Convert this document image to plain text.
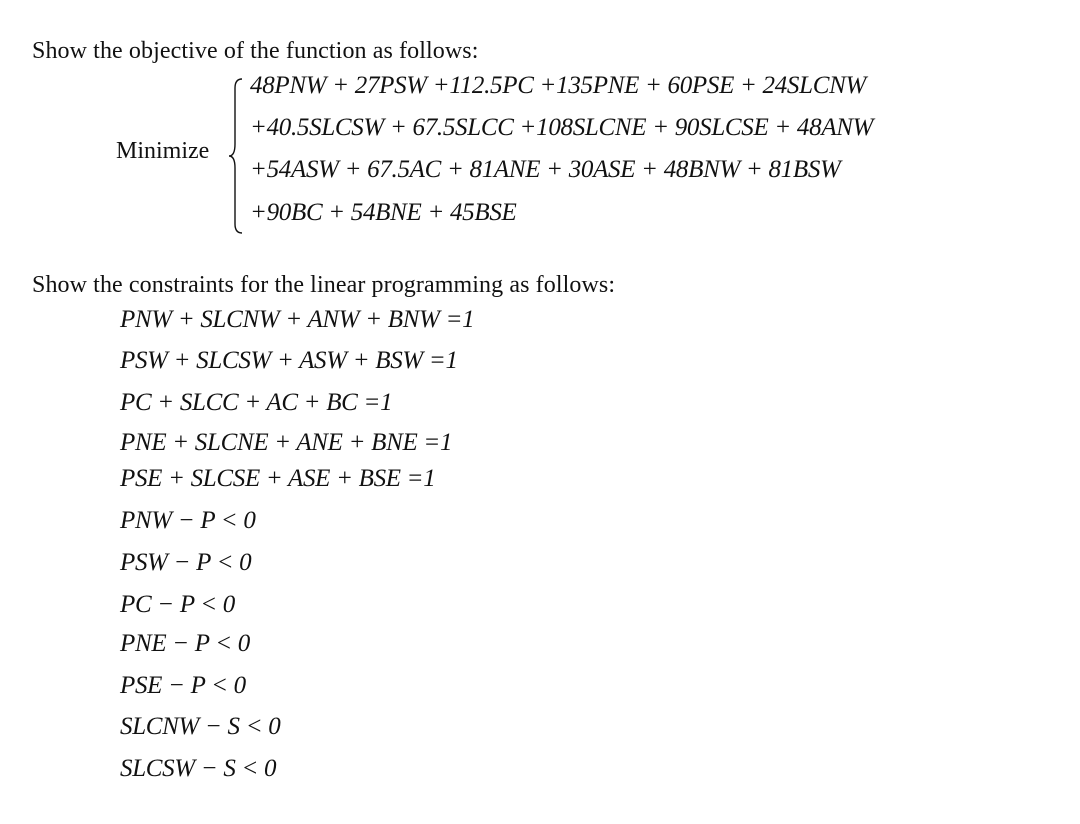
Show the objective of the function as follows:
Minimize
48PNW + 27PSW +112.5PC +135PNE + 60PSE + 24SLCNW
+40.5SLCSW + 67.5SLCC +108SLCNE + 90SLCSE + 48ANW
+54ASW + 67.5AC + 81ANE + 30ASE + 48BNW + 81BSW
+90BC + 54BNE + 45BSE
Show the constraints for the linear programming as follows:
PNW + SLCNW + ANW + BNW =1
PSW + SLCSW + ASW + BSW =1
PC + SLCC + AC + BC =1
PNE + SLCNE + ANE + BNE =1
PSE + SLCSE + ASE + BSE =1
PNW − P < 0
PSW − P < 0
PC − P < 0
PNE − P < 0
PSE − P < 0
SLCNW − S < 0
SLCSW − S < 0
